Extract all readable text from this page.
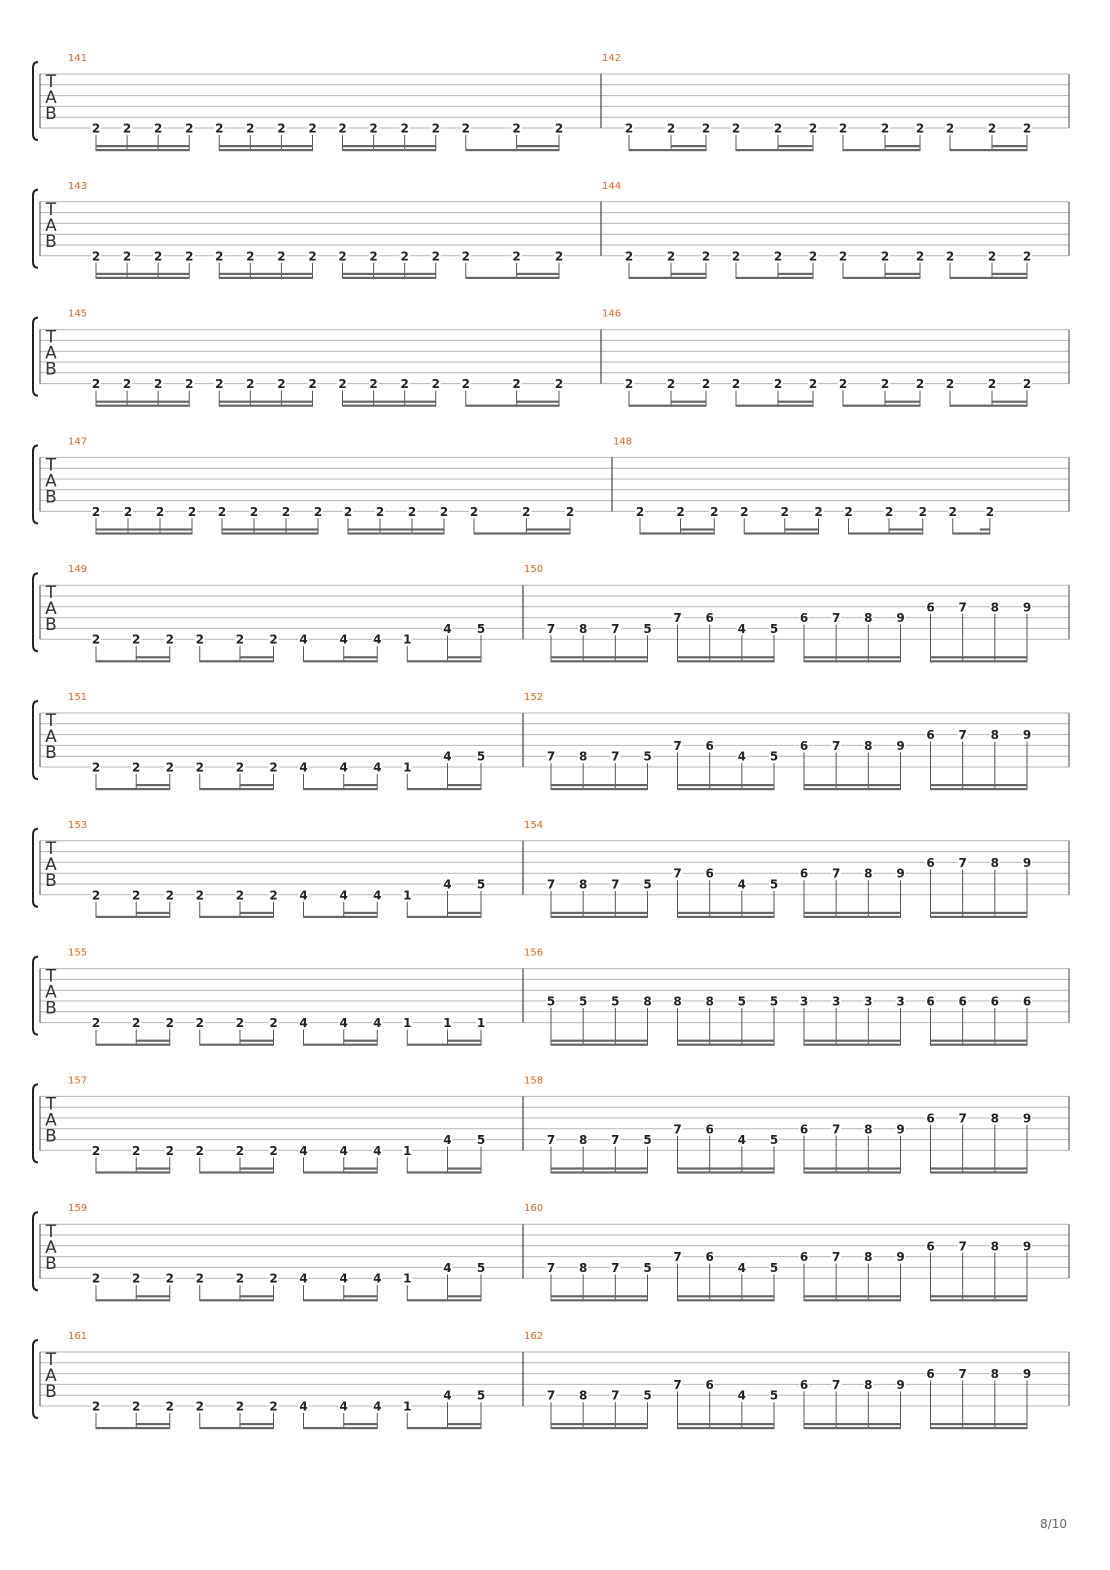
T
A
B
141
2 2 2 2 2 2 2 2 2 2 2 2 2	2	2
142
2	2 2 2	2 2 2	2 2 2	2 2
T
A
B
143
2 2 2 2 2 2 2 2 2 2 2 2 2	2	2
144
2	2 2 2	2 2 2	2 2 2	2 2
T
A
B
145
2 2 2 2 2 2 2 2 2 2 2 2 2	2	2
146
2	2 2 2	2 2 2	2 2 2	2 2
T
A
B
147
2 2 2 2 2 2 2 2 2 2 2 2 2	2	2
148
2	2 2 2	2 2 2	2 2 2 2
T
A
B
149
2	2 2 2	2 2 4	4 4 1
4 5
150
7 8 7 5
7 6
4 5
6 7 8 9
6 7 8 9
T
A
B
151
2	2 2 2	2 2 4	4 4 1
4 5
152
7 8 7 5
7 6
4 5
6 7 8 9
6 7 8 9
T
A
B
153
2	2 2 2	2 2 4	4 4 1
4 5
154
7 8 7 5
7 6
4 5
6 7 8 9
6 7 8 9
T
A
B
155
2	2 2 2	2 2 4	4 4 1	1 1
156
5 5 5 8 8 8 5 5 3 3 3 3 6 6 6 6
T
A
B
157
2	2 2 2	2 2 4	4 4 1
4 5
158
7 8 7 5
7 6
4 5
6 7 8 9
6 7 8 9
T
A
B
159
2	2 2 2	2 2 4	4 4 1
4 5
160
7 8 7 5
7 6
4 5
6 7 8 9
6 7 8 9
T
A
B
161
2	2 2 2	2 2 4	4 4 1
4 5
162
7 8 7 5
7 6
4 5
6 7 8 9
6 7 8 9
8/10
